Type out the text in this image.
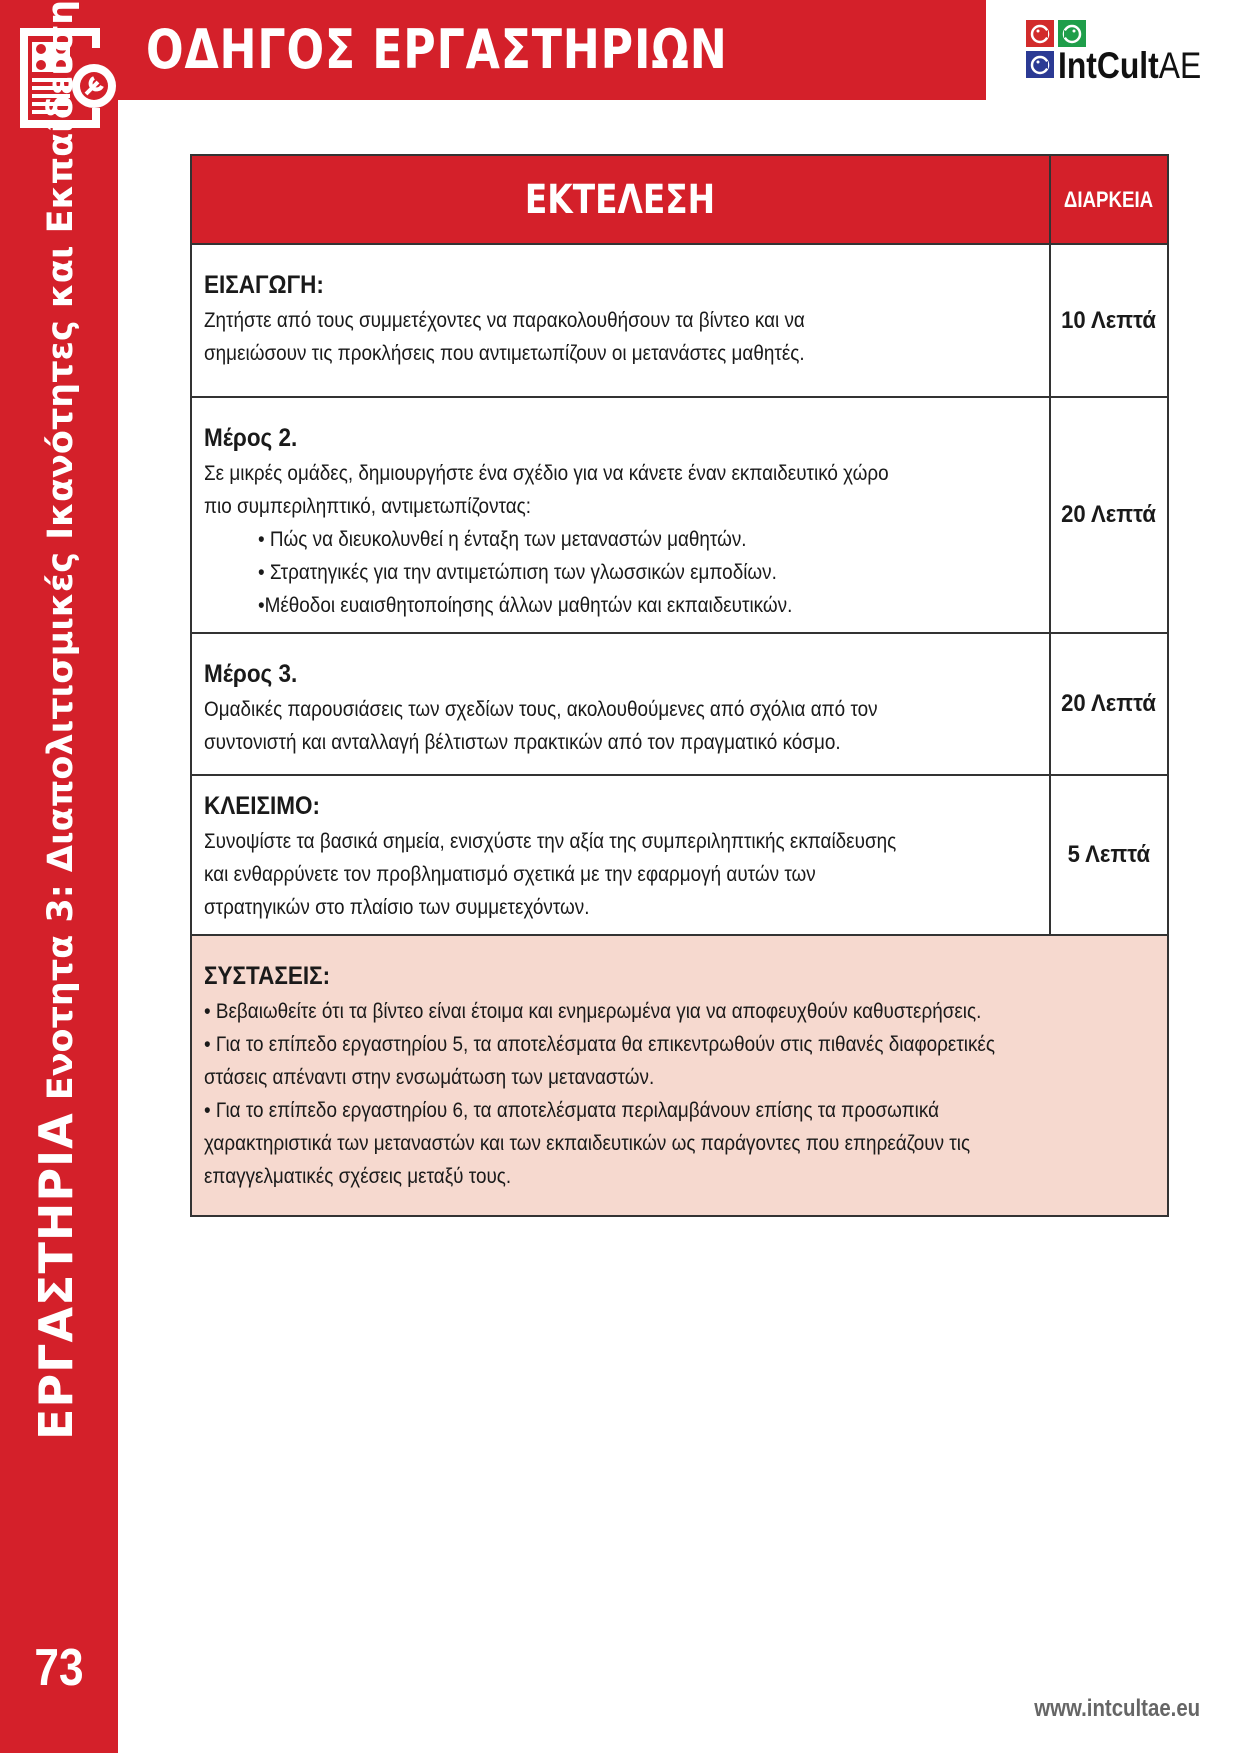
ΟΔΗΓΟΣ ΕΡΓΑΣΤΗΡΙΩΝ	IntCultAE
ΕΡΓΑΣΤΗΡΙΑ
Ενοτητα 3: Διαπολιτισμικές Ικανότητες και Εκπαίδευση
73
ΕΚΤΕΛΕΣΗ	ΔΙΑΡΚΕΙΑ
ΕΙΣΑΓΩΓΗ:
Ζητήστε από τους συμμετέχοντες να παρακολουθήσουν τα βίντεο και να
σημειώσουν τις προκλήσεις που αντιμετωπίζουν οι μετανάστες μαθητές.
10 Λεπτά
Μέρος 2.
Σε μικρές ομάδες, δημιουργήστε ένα σχέδιο για να κάνετε έναν εκπαιδευτικό χώρο
πιο συμπεριληπτικό, αντιμετωπίζοντας:
• Πώς να διευκολυνθεί η ένταξη των μεταναστών μαθητών.
• Στρατηγικές για την αντιμετώπιση των γλωσσικών εμποδίων.
•Μέθοδοι ευαισθητοποίησης άλλων μαθητών και εκπαιδευτικών.
20 Λεπτά
Μέρος 3.
Ομαδικές παρουσιάσεις των σχεδίων τους, ακολουθούμενες από σχόλια από τον
συντονιστή και ανταλλαγή βέλτιστων πρακτικών από τον πραγματικό κόσμο.
20 Λεπτά
ΚΛΕΙΣΙΜΟ:
Συνοψίστε τα βασικά σημεία, ενισχύστε την αξία της συμπεριληπτικής εκπαίδευσης
και ενθαρρύνετε τον προβληματισμό σχετικά με την εφαρμογή αυτών των
στρατηγικών στο πλαίσιο των συμμετεχόντων.
5 Λεπτά
ΣΥΣΤΑΣΕΙΣ:
• Βεβαιωθείτε ότι τα βίντεο είναι έτοιμα και ενημερωμένα για να αποφευχθούν καθυστερήσεις.
• Για το επίπεδο εργαστηρίου 5, τα αποτελέσματα θα επικεντρωθούν στις πιθανές διαφορετικές
στάσεις απέναντι στην ενσωμάτωση των μεταναστών.
• Για το επίπεδο εργαστηρίου 6, τα αποτελέσματα περιλαμβάνουν επίσης τα προσωπικά
χαρακτηριστικά των μεταναστών και των εκπαιδευτικών ως παράγοντες που επηρεάζουν τις
επαγγελματικές σχέσεις μεταξύ τους.
www.intcultae.eu
